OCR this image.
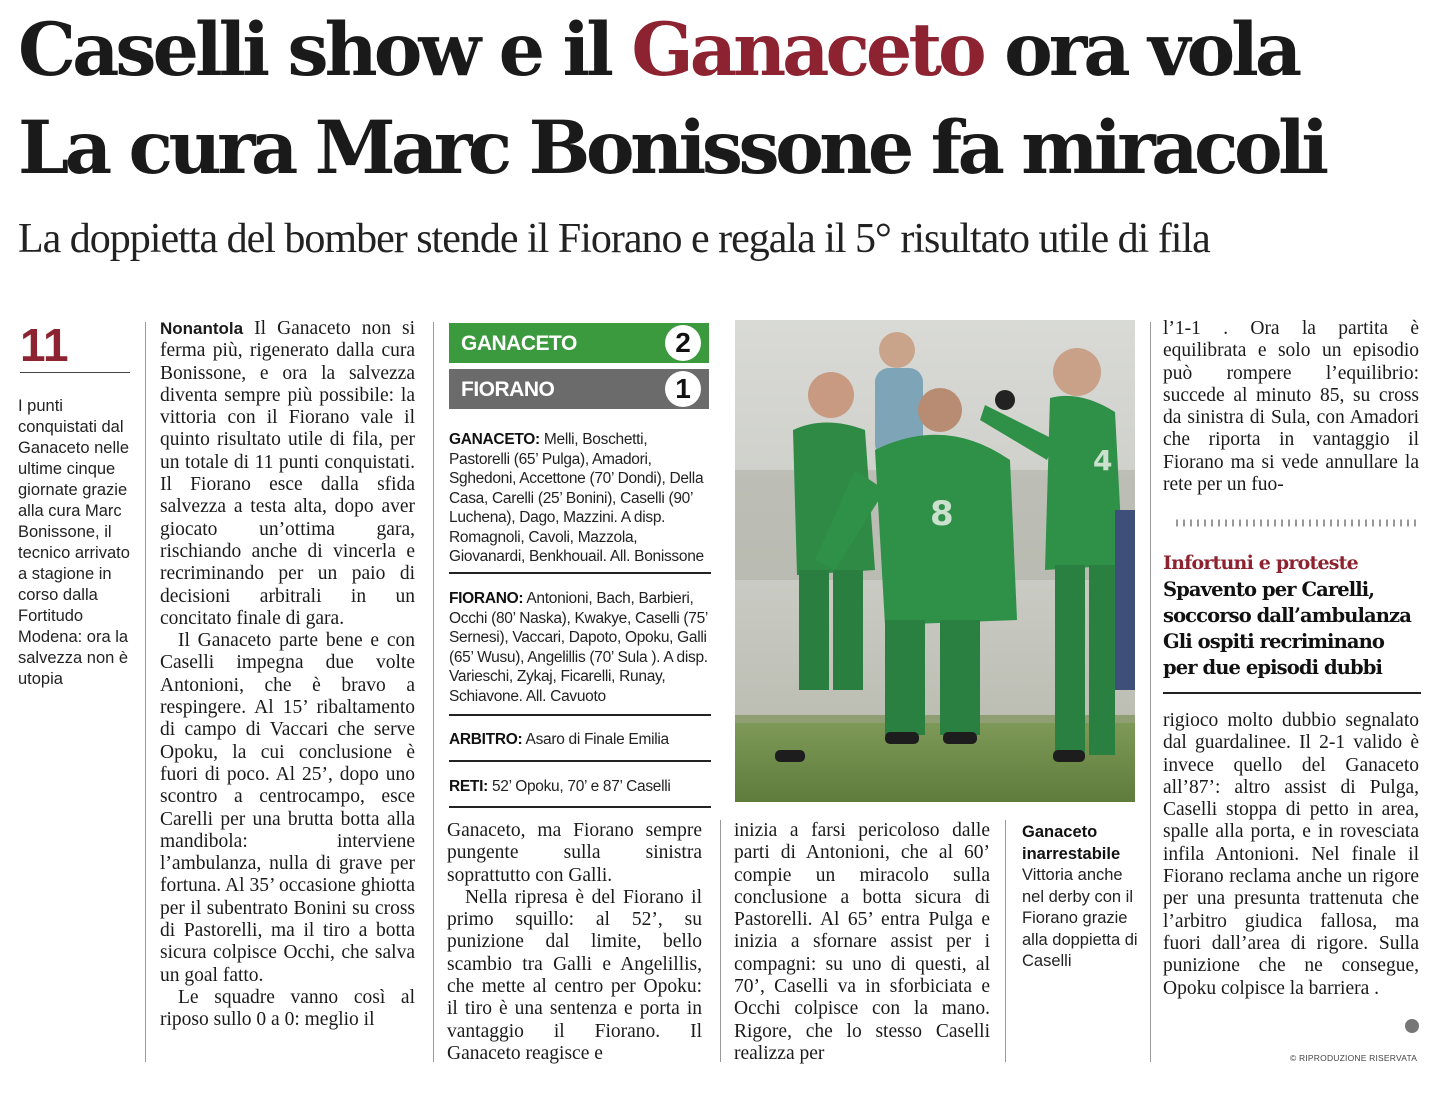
Caselli show e il Ganaceto ora vola
La cura Marc Bonissone fa miracoli
La doppietta del bomber stende il Fiorano e regala il 5° risultato utile di fila
11
I punti conquistati dal Ganaceto nelle ultime cinque giornate grazie alla cura Marc Bonissone, il tecnico arrivato a stagione in corso dalla Fortitudo Modena: ora la salvezza non è utopia

Nonantola Il Ganaceto non si ferma più, rigenerato dalla cura Bonissone, e ora la salvezza diventa sempre più possibile: la vittoria con il Fiorano vale il quinto risultato utile di fila, per un totale di 11 punti conquistati. Il Fiorano esce dalla sfida salvezza a testa alta, dopo aver giocato un’ottima gara, rischiando anche di vincerla e recriminando per un paio di decisioni arbitrali in un concitato finale di gara.

Il Ganaceto parte bene e con Caselli impegna due volte Antonioni, che è bravo a respingere. Al 15’ ribaltamento di campo di Vaccari che serve Opoku, la cui conclusione è fuori di poco. Al 25’, dopo uno scontro a centrocampo, esce Carelli per una brutta botta alla mandibola: interviene l’ambulanza, nulla di grave per fortuna. Al 35’ occasione ghiotta per il subentrato Bonini su cross di Pastorelli, ma il tiro a botta sicura colpisce Occhi, che salva un goal fatto.

Le squadre vanno così al riposo sullo 0 a 0: meglio il

GANACETO	2
FIORANO	1
GANACETO: Melli, Boschetti, Pastorelli (65’ Pulga), Amadori, Sghedoni, Accettone (70’ Dondi), Della Casa, Carelli (25’ Bonini), Caselli (90’ Luchena), Dago, Mazzini. A disp. Romagnoli, Cavoli, Mazzola, Giovanardi, Benkhouail. All. Bonissone
FIORANO: Antonioni, Bach, Barbieri, Occhi (80’ Naska), Kwakye, Caselli (75’ Sernesi), Vaccari, Dapoto, Opoku, Galli (65’ Wusu), Angelillis (70’ Sula ). A disp. Varieschi, Zykaj, Ficarelli, Runay, Schiavone. All. Cavuoto
ARBITRO: Asaro di Finale Emilia
RETI: 52’ Opoku, 70’ e 87’ Caselli
8
4

Ganaceto, ma Fiorano sempre pungente sulla sinistra soprattutto con Galli.

Nella ripresa è del Fiorano il primo squillo: al 52’, su punizione dal limite, bello scambio tra Galli e Angelillis, che mette al centro per Opoku: il tiro è una sentenza e porta in vantaggio il Fiorano. Il Ganaceto reagisce e

inizia a farsi pericoloso dalle parti di Antonioni, che al 60’ compie un miracolo sulla conclusione a botta sicura di Pastorelli. Al 65’ entra Pulga e inizia a sfornare assist per i compagni: su uno di questi, al 70’, Caselli va in sforbiciata e Occhi colpisce con la mano. Rigore, che lo stesso Caselli realizza per

Ganaceto inarrestabile
Vittoria anche nel derby con il Fiorano grazie alla doppietta di Caselli

l’1-1 . Ora la partita è equilibrata e solo un episodio può rompere l’equilibrio: succede al minuto 85, su cross da sinistra di Sula, con Amadori che riporta in vantaggio il Fiorano ma si vede annullare la rete per un fuo-

Infortuni e proteste
Spavento per Carelli, soccorso dall’ambulanza Gli ospiti recriminano per due episodi dubbi

rigioco molto dubbio segnalato dal guardalinee. Il 2-1 valido è invece quello del Ganaceto all’87’: altro assist di Pulga, Caselli stoppa di petto in area, spalle alla porta, e in rovesciata infila Antonioni. Nel finale il Fiorano reclama anche un rigore per una presunta trattenuta che l’arbitro giudica fallosa, ma fuori dall’area di rigore. Sulla punizione che ne consegue, Opoku colpisce la barriera .

© RIPRODUZIONE RISERVATA
